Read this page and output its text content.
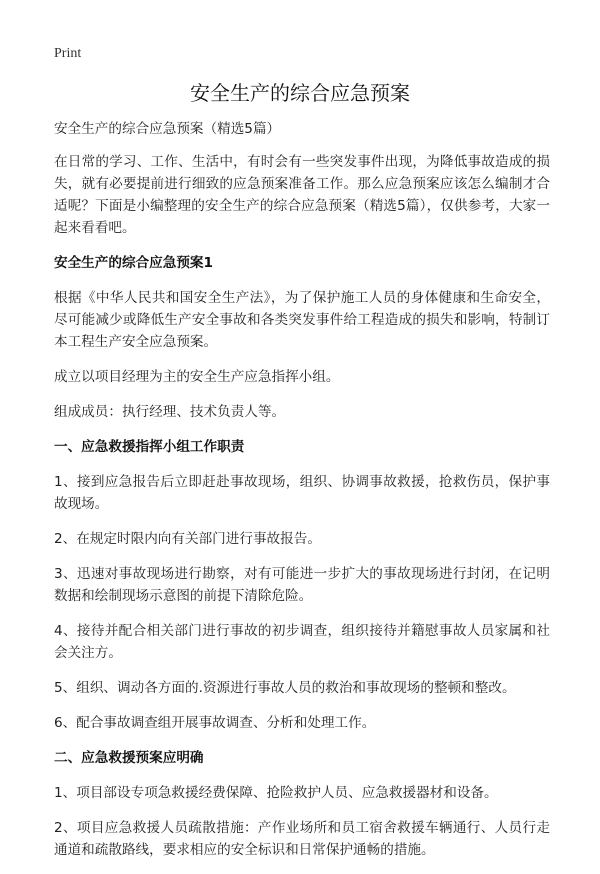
Print
安全生产的综合应急预案

安全生产的综合应急预案（精选5篇）

在日常的学习、工作、生活中，有时会有一些突发事件出现，为降低事故造成的损失，就有必要提前进行细致的应急预案准备工作。那么应急预案应该怎么编制才合适呢？下面是小编整理的安全生产的综合应急预案（精选5篇），仅供参考，大家一起来看看吧。

安全生产的综合应急预案1

根据《中华人民共和国安全生产法》，为了保护施工人员的身体健康和生命安全，尽可能减少或降低生产安全事故和各类突发事件给工程造成的损失和影响，特制订本工程生产安全应急预案。

成立以项目经理为主的安全生产应急指挥小组。

组成成员：执行经理、技术负责人等。

一、应急救援指挥小组工作职责

1、接到应急报告后立即赶赴事故现场，组织、协调事故救援，抢救伤员，保护事故现场。

2、在规定时限内向有关部门进行事故报告。

3、迅速对事故现场进行勘察，对有可能进一步扩大的事故现场进行封闭，在记明数据和绘制现场示意图的前提下清除危险。

4、接待并配合相关部门进行事故的初步调查，组织接待并籍慰事故人员家属和社会关注方。

5、组织、调动各方面的.资源进行事故人员的救治和事故现场的整顿和整改。

6、配合事故调查组开展事故调查、分析和处理工作。

二、应急救援预案应明确

1、项目部设专项急救援经费保障、抢险救护人员、应急救援器材和设备。

2、项目应急救援人员疏散措施：产作业场所和员工宿舍救援车辆通行、人员行走通道和疏散路线，要求相应的安全标识和日常保护通畅的措施。
